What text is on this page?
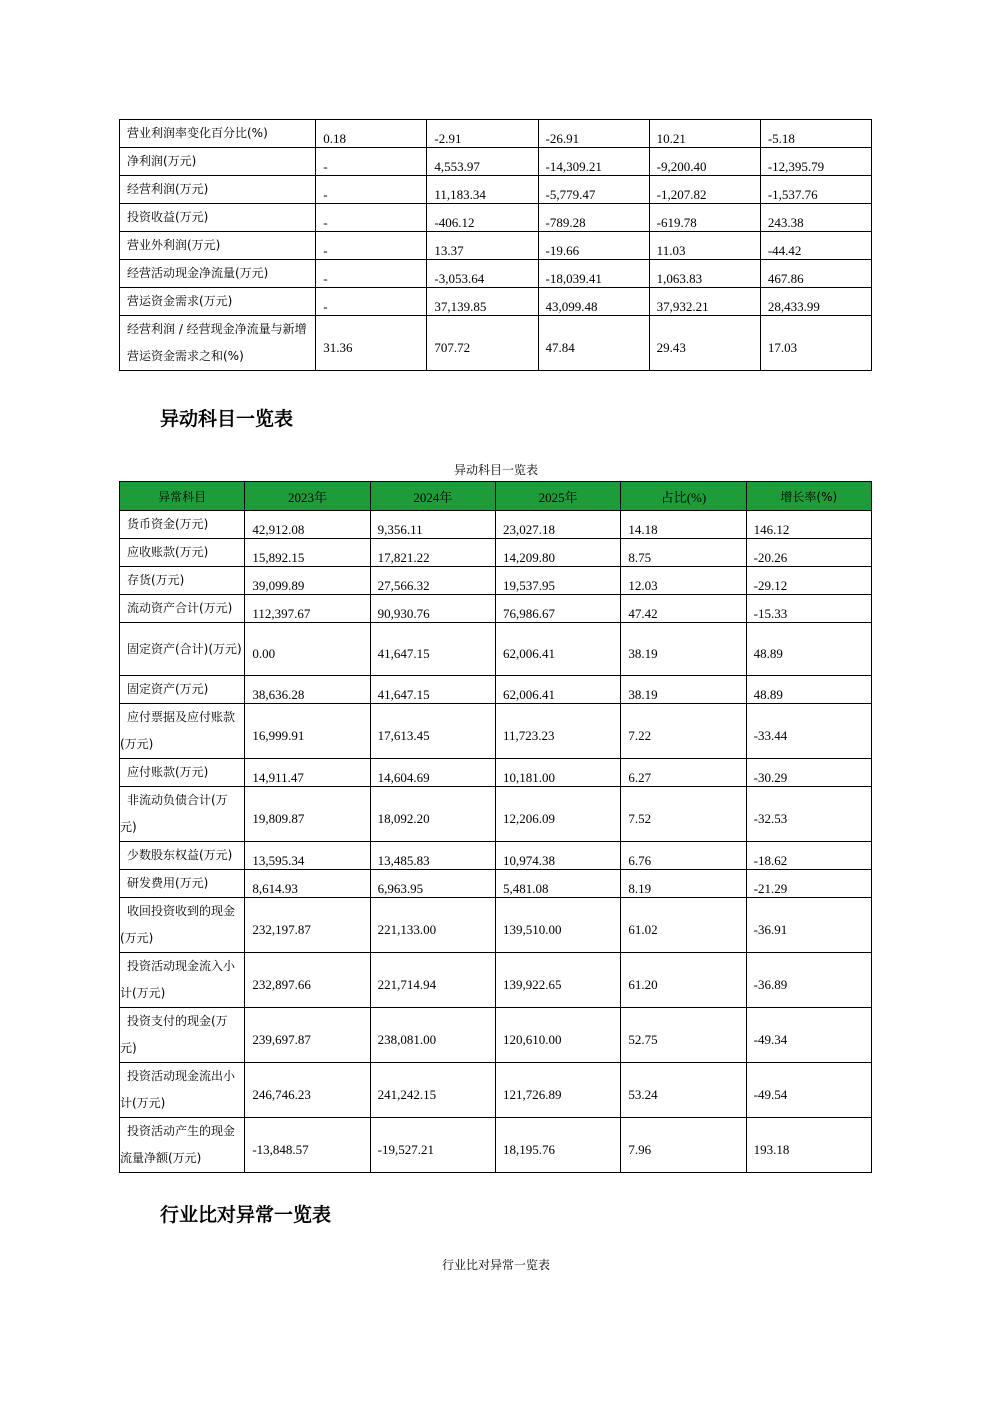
营业利润率变化百分比(%)	0.18	-2.91	-26.91	10.21	-5.18
净利润(万元)	-	4,553.97	-14,309.21	-9,200.40	-12,395.79
经营利润(万元)	-	11,183.34	-5,779.47	-1,207.82	-1,537.76
投资收益(万元)	-	-406.12	-789.28	-619.78	243.38
营业外利润(万元)	-	13.37	-19.66	11.03	-44.42
经营活动现金净流量(万元)	-	-3,053.64	-18,039.41	1,063.83	467.86
营运资金需求(万元)	-	37,139.85	43,099.48	37,932.21	28,433.99
经营利润 / 经营现金净流量与新增营运资金需求之和(%)	31.36	707.72	47.84	29.43	17.03
异动科目一览表
异动科目一览表
异常科目	2023年	2024年	2025年	占比(%)	增长率(%)
货币资金(万元)	42,912.08	9,356.11	23,027.18	14.18	146.12
应收账款(万元)	15,892.15	17,821.22	14,209.80	8.75	-20.26
存货(万元)	39,099.89	27,566.32	19,537.95	12.03	-29.12
流动资产合计(万元)	112,397.67	90,930.76	76,986.67	47.42	-15.33
固定资产(合计)(万元)	0.00	41,647.15	62,006.41	38.19	48.89
固定资产(万元)	38,636.28	41,647.15	62,006.41	38.19	48.89
应付票据及应付账款(万元)	16,999.91	17,613.45	11,723.23	7.22	-33.44
应付账款(万元)	14,911.47	14,604.69	10,181.00	6.27	-30.29
非流动负债合计(万元)	19,809.87	18,092.20	12,206.09	7.52	-32.53
少数股东权益(万元)	13,595.34	13,485.83	10,974.38	6.76	-18.62
研发费用(万元)	8,614.93	6,963.95	5,481.08	8.19	-21.29
收回投资收到的现金(万元)	232,197.87	221,133.00	139,510.00	61.02	-36.91
投资活动现金流入小计(万元)	232,897.66	221,714.94	139,922.65	61.20	-36.89
投资支付的现金(万元)	239,697.87	238,081.00	120,610.00	52.75	-49.34
投资活动现金流出小计(万元)	246,746.23	241,242.15	121,726.89	53.24	-49.54
投资活动产生的现金流量净额(万元)	-13,848.57	-19,527.21	18,195.76	7.96	193.18
行业比对异常一览表
行业比对异常一览表
